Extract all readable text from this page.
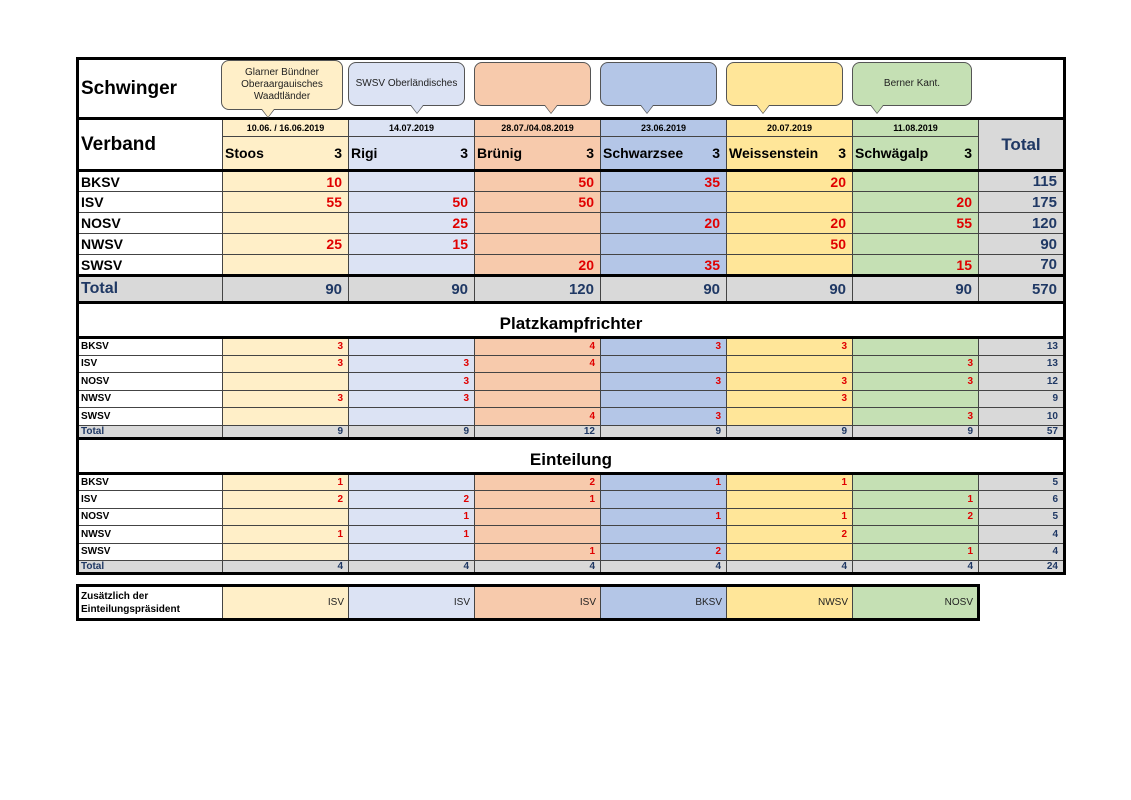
Schwinger							
Verband	10.06. / 16.06.2019	14.07.2019	28.07./04.08.2019	23.06.2019	20.07.2019	11.08.2019	Total

	Stoos 3	Rigi 3	Brünig 3	Schwarzsee 3	Weissenstein 3	Schwägalp 3	

BKSV	10		50	35	20		115
ISV	55	50	50			20	175
NOSV		25		20	20	55	120
NWSV	25	15			50		90
SWSV			20	35		15	70
Total	90	90	120	90	90	90	570
Platzkampfrichter							
BKSV	3		4	3	3		13
ISV	3	3	4			3	13
NOSV		3		3	3	3	12
NWSV	3	3			3		9
SWSV			4	3		3	10
Total	9	9	12	9	9	9	57
Einteilung							
BKSV	1		2	1	1		5
ISV	2	2	1			1	6
NOSV		1		1	1	2	5
NWSV	1	1			2		4
SWSV			1	2		1	4
Total	4	4	4	4	4	4	24

Zusätzlich der
Einteilungspräsident	ISV	ISV	ISV	BKSV	NWSV	NOSV	
Glarner Bündner Oberaargauisches Waadtländer
SWSV Oberländisches	Berner Kant.
